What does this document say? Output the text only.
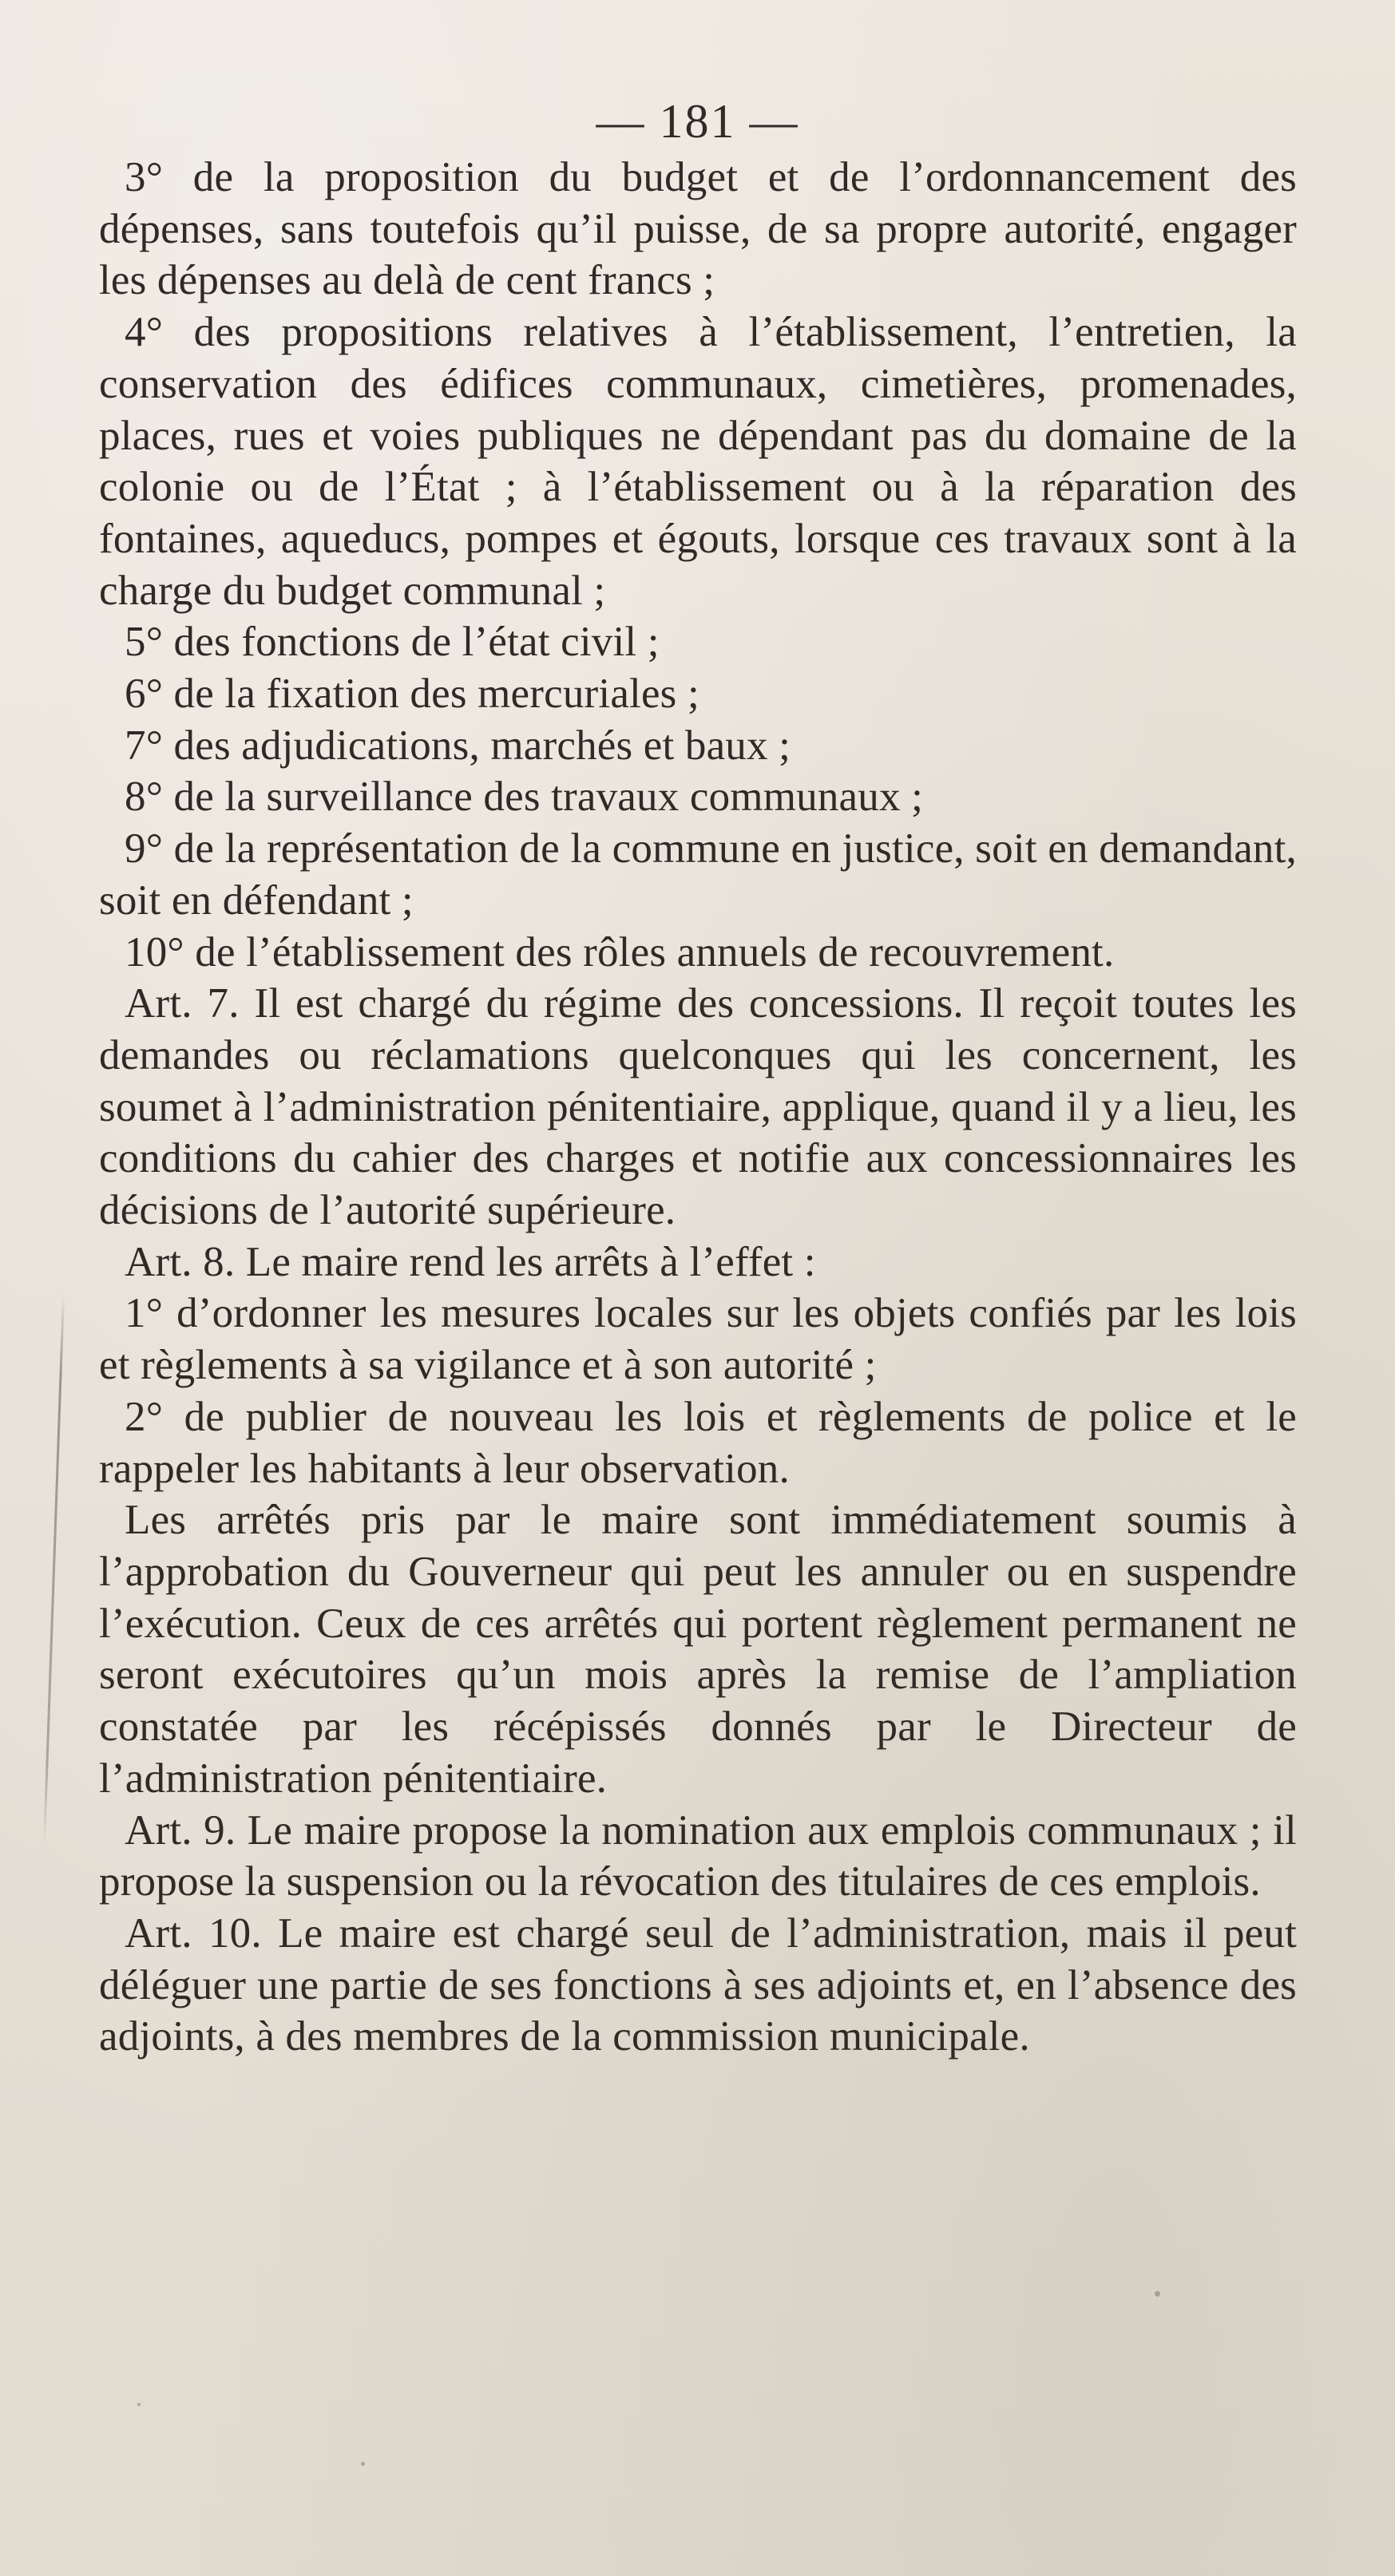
— 181 —

3° de la proposition du budget et de l’ordonnancement des dépenses, sans toutefois qu’il puisse, de sa propre autorité, engager les dépenses au delà de cent francs ;

4° des propositions relatives à l’établissement, l’entretien, la conservation des édifices communaux, cimetières, promenades, places, rues et voies publiques ne dépendant pas du domaine de la colonie ou de l’État ; à l’établissement ou à la réparation des fontaines, aqueducs, pompes et égouts, lorsque ces travaux sont à la charge du budget communal ;

5° des fonctions de l’état civil ;

6° de la fixation des mercuriales ;

7° des adjudications, marchés et baux ;

8° de la surveillance des travaux communaux ;

9° de la représentation de la commune en justice, soit en demandant, soit en défendant ;

10° de l’établissement des rôles annuels de recouvrement.

Art. 7. Il est chargé du régime des concessions. Il reçoit toutes les demandes ou réclamations quelconques qui les concernent, les soumet à l’administration pénitentiaire, applique, quand il y a lieu, les conditions du cahier des charges et notifie aux concessionnaires les décisions de l’autorité supérieure.

Art. 8. Le maire rend les arrêts à l’effet :

1° d’ordonner les mesures locales sur les objets confiés par les lois et règlements à sa vigilance et à son autorité ;

2° de publier de nouveau les lois et règlements de police et le rappeler les habitants à leur observation.

Les arrêtés pris par le maire sont immédiatement soumis à l’approbation du Gouverneur qui peut les annuler ou en suspendre l’exécution. Ceux de ces arrêtés qui portent règlement permanent ne seront exécutoires qu’un mois après la remise de l’ampliation constatée par les récépissés donnés par le Directeur de l’administration pénitentiaire.

Art. 9. Le maire propose la nomination aux emplois communaux ; il propose la suspension ou la révocation des titulaires de ces emplois.

Art. 10. Le maire est chargé seul de l’administration, mais il peut déléguer une partie de ses fonctions à ses adjoints et, en l’absence des adjoints, à des membres de la commission municipale.
